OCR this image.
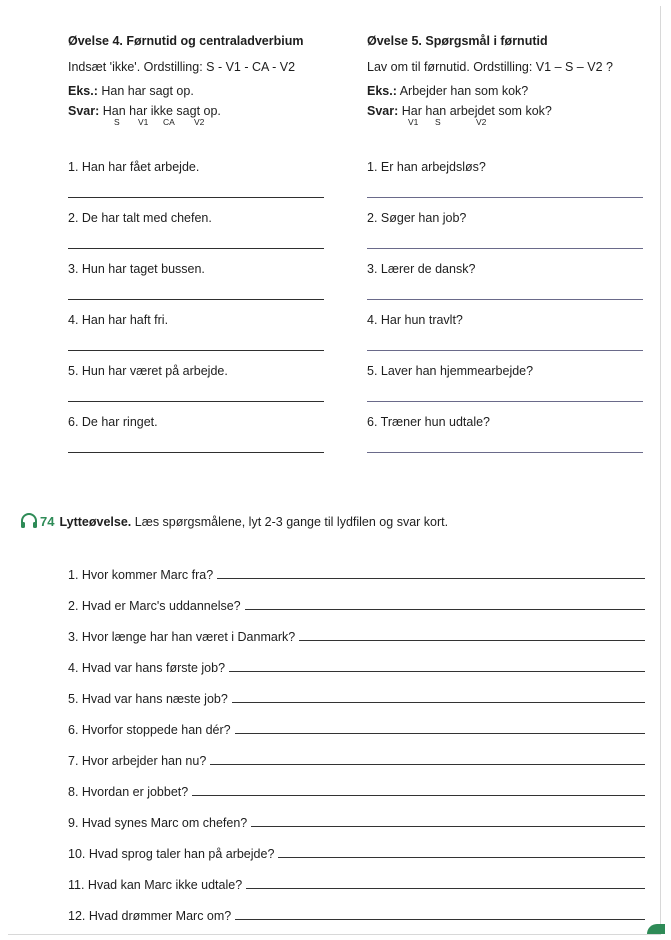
Øvelse 4. Førnutid og centraladverbium
Indsæt 'ikke'. Ordstilling: S - V1 - CA - V2
Eks.: Han har sagt op.
Svar: Han har ikke sagt op.
S V1 CA V2
1. Han har fået arbejde.
2. De har talt med chefen.
3. Hun har taget bussen.
4. Han har haft fri.
5. Hun har været på arbejde.
6. De har ringet.
Øvelse 5. Spørgsmål i førnutid
Lav om til førnutid. Ordstilling: V1 – S – V2 ?
Eks.: Arbejder han som kok?
Svar: Har han arbejdet som kok?
V1 S	V2
1. Er han arbejdsløs?
2. Søger han job?
3. Lærer de dansk?
4. Har hun travlt?
5. Laver han hjemmearbejde?
6. Træner hun udtale?
74 Lytteøvelse. Læs spørgsmålene, lyt 2-3 gange til lydfilen og svar kort.
1. Hvor kommer Marc fra?
2. Hvad er Marc's uddannelse?
3. Hvor længe har han været i Danmark?
4. Hvad var hans første job?
5. Hvad var hans næste job?
6. Hvorfor stoppede han dér?
7. Hvor arbejder han nu?
8. Hvordan er jobbet?
9. Hvad synes Marc om chefen?
10. Hvad sprog taler han på arbejde?
11. Hvad kan Marc ikke udtale?
12. Hvad drømmer Marc om?
